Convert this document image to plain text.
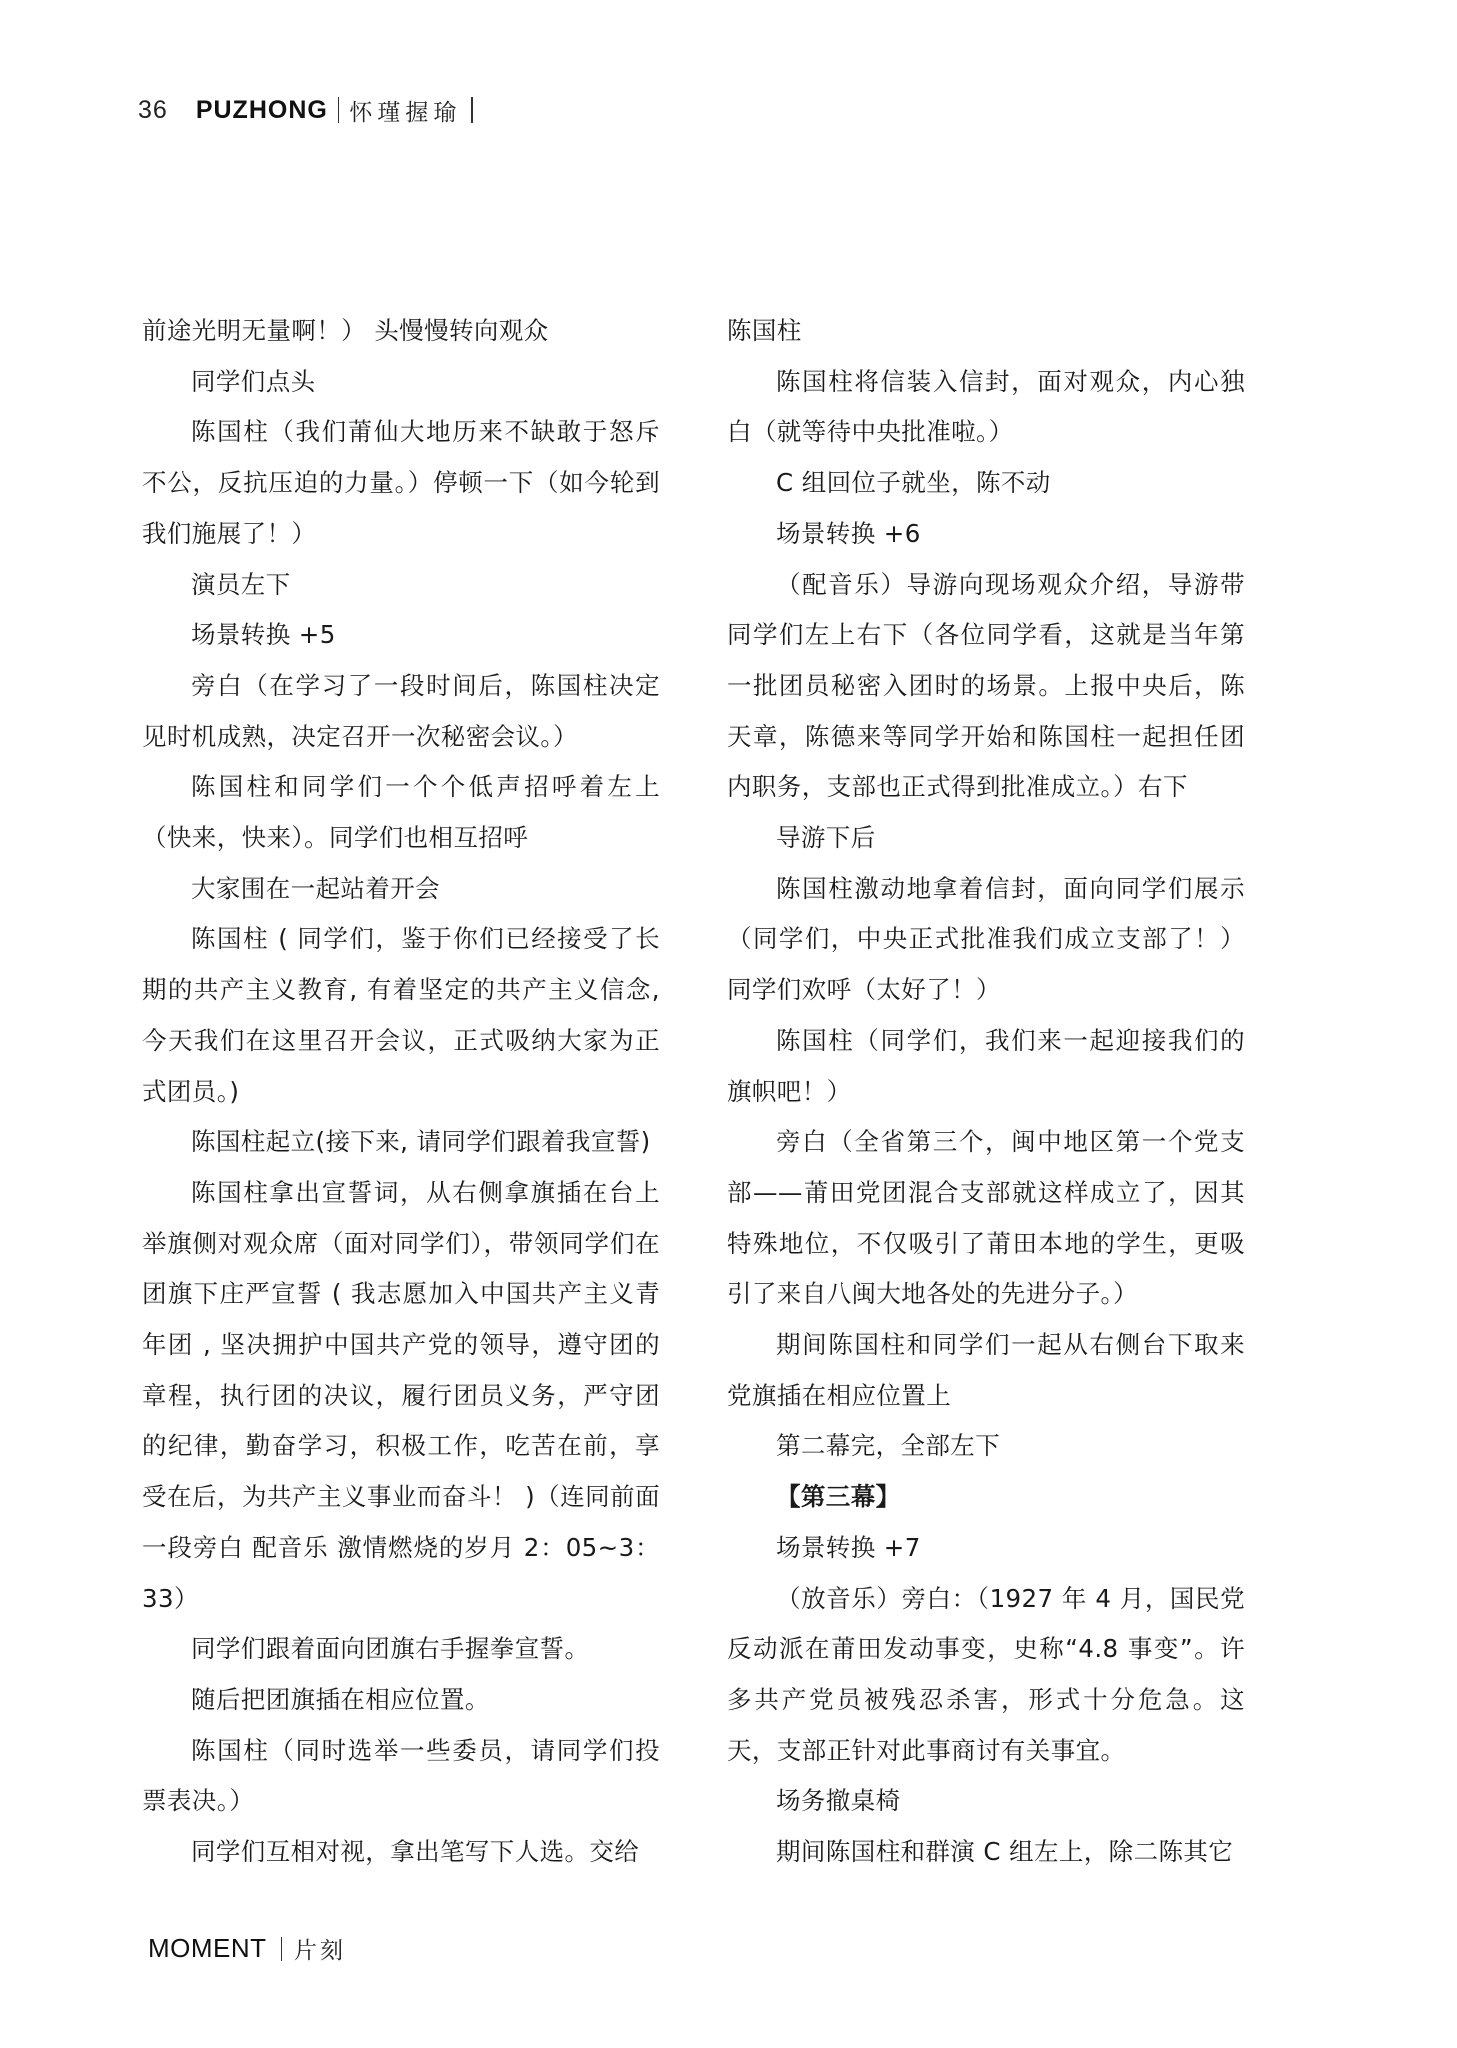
36 PUZHONG 怀瑾握瑜

前途光明无量啊！） 头慢慢转向观众

同学们点头

陈国柱（我们莆仙大地历来不缺敢于怒斥不公，反抗压迫的力量。）停顿一下（如今轮到我们施展了！）

演员左下

场景转换 +5

旁白（在学习了一段时间后，陈国柱决定见时机成熟，决定召开一次秘密会议。）

陈国柱和同学们一个个低声招呼着左上（快来，快来）。同学们也相互招呼

大家围在一起站着开会

陈国柱 ( 同学们，鉴于你们已经接受了长期的共产主义教育, 有着坚定的共产主义信念, 今天我们在这里召开会议，正式吸纳大家为正式团员。)

陈国柱起立(接下来, 请同学们跟着我宣誓)

陈国柱拿出宣誓词，从右侧拿旗插在台上举旗侧对观众席（面对同学们），带领同学们在团旗下庄严宣誓 ( 我志愿加入中国共产主义青年团 , 坚决拥护中国共产党的领导，遵守团的章程，执行团的决议，履行团员义务，严守团的纪律，勤奋学习，积极工作，吃苦在前，享受在后，为共产主义事业而奋斗！ )（连同前面一段旁白 配音乐 激情燃烧的岁月 2：05~3：33）

同学们跟着面向团旗右手握拳宣誓。

随后把团旗插在相应位置。

陈国柱（同时选举一些委员，请同学们投票表决。）

同学们互相对视，拿出笔写下人选。交给

陈国柱

陈国柱将信装入信封，面对观众，内心独白（就等待中央批准啦。）

C 组回位子就坐，陈不动

场景转换 +6

（配音乐）导游向现场观众介绍，导游带同学们左上右下（各位同学看，这就是当年第一批团员秘密入团时的场景。上报中央后，陈天章，陈德来等同学开始和陈国柱一起担任团内职务，支部也正式得到批准成立。）右下

导游下后

陈国柱激动地拿着信封，面向同学们展示（同学们，中央正式批准我们成立支部了！）同学们欢呼（太好了！）

陈国柱（同学们，我们来一起迎接我们的旗帜吧！）

旁白（全省第三个，闽中地区第一个党支部——莆田党团混合支部就这样成立了，因其特殊地位，不仅吸引了莆田本地的学生，更吸引了来自八闽大地各处的先进分子。）

期间陈国柱和同学们一起从右侧台下取来党旗插在相应位置上

第二幕完，全部左下

【第三幕】

场景转换 +7

（放音乐）旁白：（1927 年 4 月，国民党反动派在莆田发动事变，史称“4.8 事变”。许多共产党员被残忍杀害，形式十分危急。这天，支部正针对此事商讨有关事宜。

场务撤桌椅

期间陈国柱和群演 C 组左上，除二陈其它

MOMENT 片刻
